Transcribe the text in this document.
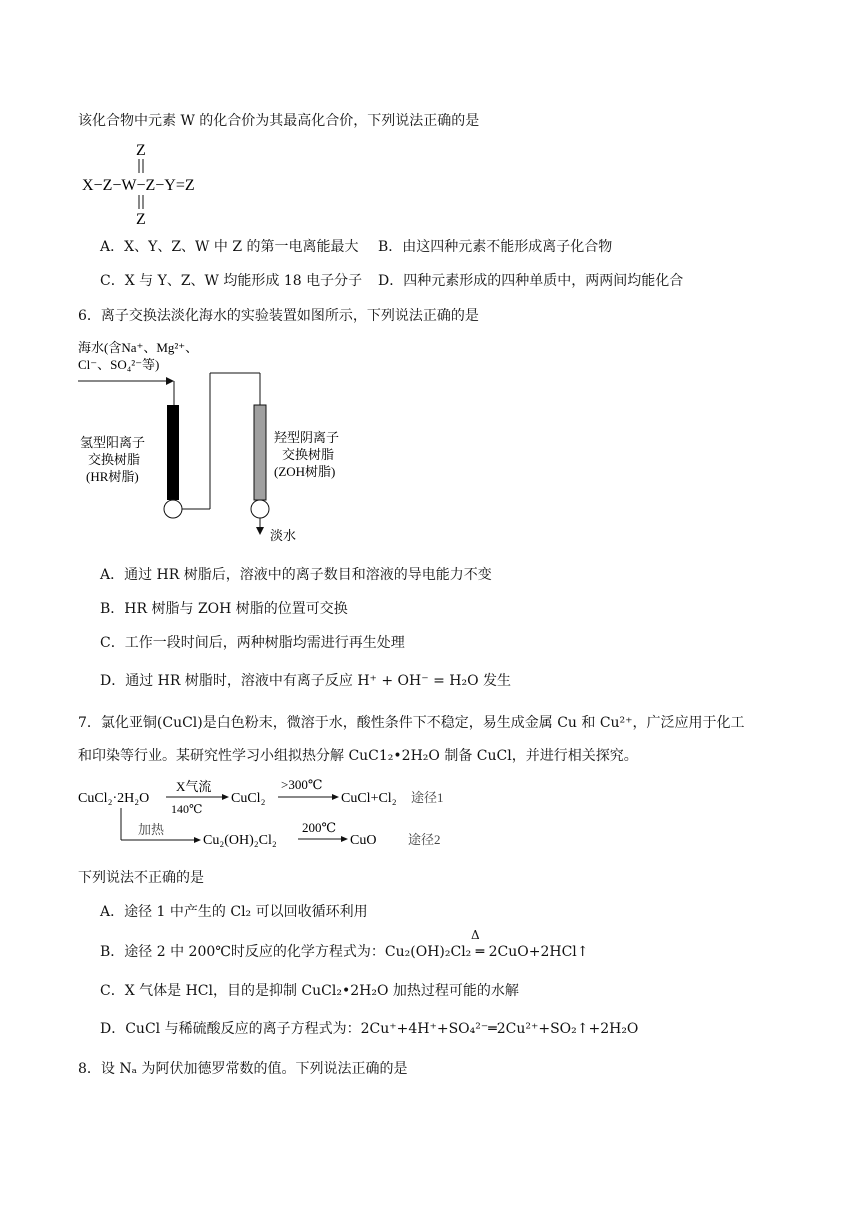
该化合物中元素 W 的化合价为其最高化合价，下列说法正确的是
Z
X−Z−W−Z−Y=Z
Z
A．X、Y、Z、W 中 Z 的第一电离能最大 B．由这四种元素不能形成离子化合物
C．X 与 Y、Z、W 均能形成 18 电子分子 D．四种元素形成的四种单质中，两两间均能化合
6．离子交换法淡化海水的实验装置如图所示，下列说法正确的是
海水(含Na⁺、Mg²⁺、
Cl⁻、SO₄²⁻等)
淡水
氢型阳离子
交换树脂
(HR树脂)
羟型阴离子
交换树脂
(ZOH树脂)
A．通过 HR 树脂后，溶液中的离子数目和溶液的导电能力不变
B．HR 树脂与 ZOH 树脂的位置可交换
C．工作一段时间后，两种树脂均需进行再生处理
D．通过 HR 树脂时，溶液中有离子反应 H⁺ + OH⁻ = H₂O 发生
7．氯化亚铜(CuCl)是白色粉末，微溶于水，酸性条件下不稳定，易生成金属 Cu 和 Cu²⁺，广泛应用于化工
和印染等行业。某研究性学习小组拟热分解 CuC1₂•2H₂O 制备 CuCl，并进行相关探究。
CuCl₂·2H₂O
X气流
140℃
CuCl₂
>300℃
CuCl+Cl₂ 途径1
加热
Cu₂(OH)₂Cl₂
200℃
CuO 途径2
下列说法不正确的是
A．途径 1 中产生的 Cl₂ 可以回收循环利用
Δ
B．途径 2 中 200℃时反应的化学方程式为：Cu₂(OH)₂Cl₂ ═ 2CuO+2HCl↑
C．X 气体是 HCl，目的是抑制 CuCl₂•2H₂O 加热过程可能的水解
D．CuCl 与稀硫酸反应的离子方程式为：2Cu⁺+4H⁺+SO₄²⁻═2Cu²⁺+SO₂↑+2H₂O
8．设 Nₐ 为阿伏加德罗常数的值。下列说法正确的是
